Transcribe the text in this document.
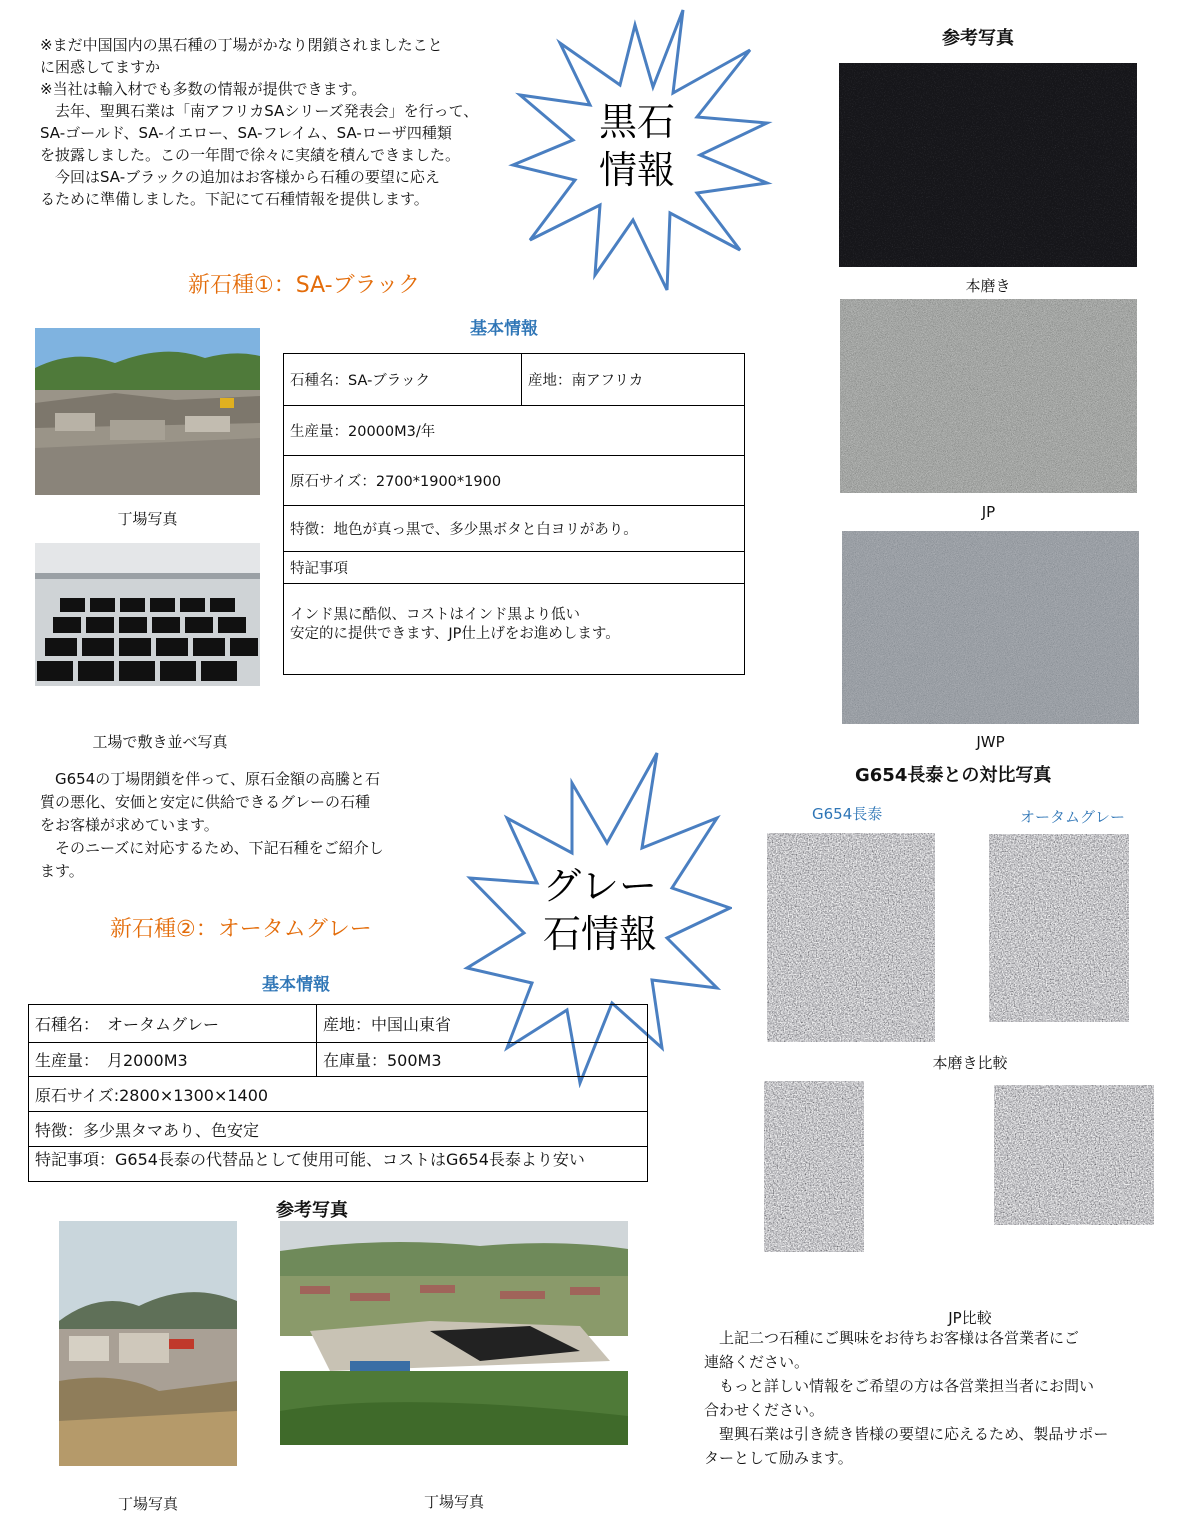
※まだ中国国内の黒石種の丁場がかなり閉鎖されましたこと
に困惑してますか
※当社は輸入材でも多数の情報が提供できます。
　去年、聖興石業は「南アフリカSAシリーズ発表会」を行って、
SA-ゴールド、SA-イエロー、SA-フレイム、SA-ローザ四種類
を披露しました。この一年間で徐々に実績を積んできました。
　今回はSA-ブラックの追加はお客様から石種の要望に応え
るために準備しました。下記にて石種情報を提供します。
黒石
情報
新石種①：SA-ブラック
丁場写真
工場で敷き並べ写真
基本情報
石種名：SA-ブラック	産地：南アフリカ
生産量：20000M3/年
原石サイズ：2700*1900*1900
特徴：地色が真っ黒で、多少黒ボタと白ヨリがあり。
特記事項
インド黒に酷似、コストはインド黒より低い
安定的に提供できます、JP仕上げをお進めします。
参考写真
本磨き
JP
JWP
G654長泰との対比写真
G654長泰	オータムグレー
本磨き比較
JP比較
　G654の丁場閉鎖を伴って、原石金額の高騰と石
質の悪化、安価と安定に供給できるグレーの石種
をお客様が求めています。
　そのニーズに対応するため、下記石種をご紹介し
ます。	グレー
石情報
新石種②：オータムグレー
基本情報
石種名：　オータムグレー	産地：中国山東省
生産量：　月2000M3	在庫量：500M3
原石サイズ:2800×1300×1400
特徴：多少黒タマあり、色安定
特記事項：G654長泰の代替品として使用可能、コストはG654長泰より安い
参考写真
丁場写真	丁場写真
　上記二つ石種にご興味をお待ちお客様は各営業者にご
連絡ください。
　もっと詳しい情報をご希望の方は各営業担当者にお問い
合わせください。
　聖興石業は引き続き皆様の要望に応えるため、製品サポー
ターとして励みます。
